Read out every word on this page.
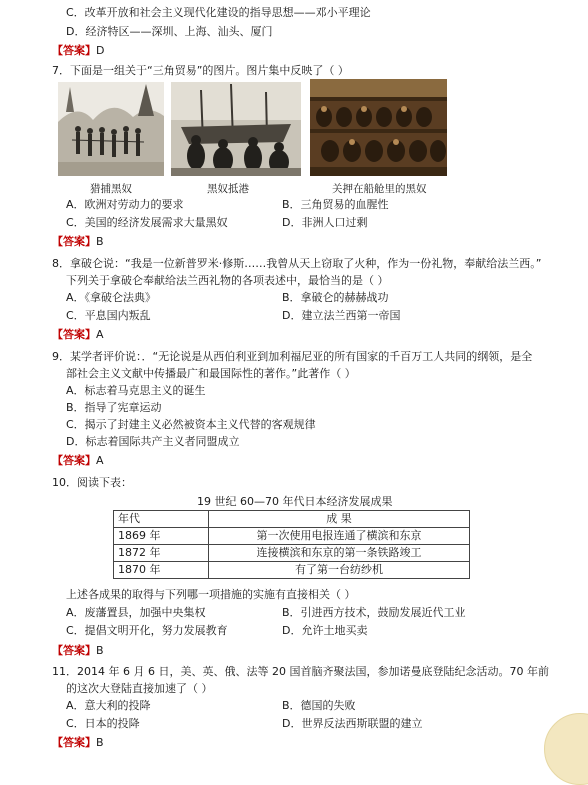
C．改革开放和社会主义现代化建设的指导思想——邓小平理论
D．经济特区——深圳、上海、汕头、厦门
【答案】D
7．下面是一组关于“三角贸易”的图片。图片集中反映了（ ）
猎捕黑奴	黑奴抵港	关押在船舱里的黑奴
A．欧洲对劳动力的要求	B．三角贸易的血腥性
C．美国的经济发展需求大量黑奴	D．非洲人口过剩
【答案】B
8．拿破仑说：“我是一位新普罗米·修斯……我曾从天上窃取了火种，作为一份礼物，奉献给法兰西。”
下列关于拿破仑奉献给法兰西礼物的各项表述中，最恰当的是（ ）
A．《拿破仑法典》	B．拿破仑的赫赫战功
C．平息国内叛乱	D．建立法兰西第一帝国
【答案】A
9．某学者评价说：．“无论说是从西伯利亚到加利福尼亚的所有国家的千百万工人共同的纲领，是全
部社会主义文献中传播最广和最国际性的著作。”此著作（ ）
A．标志着马克思主义的诞生
B．指导了宪章运动
C．揭示了封建主义必然被资本主义代替的客观规律
D．标志着国际共产主义者同盟成立
【答案】A
10．阅读下表：
19 世纪 60—70 年代日本经济发展成果
年代	成 果
1869 年	第一次使用电报连通了横滨和东京
1872 年	连接横滨和东京的第一条铁路竣工
1870 年	有了第一台纺纱机
上述各成果的取得与下列哪一项措施的实施有直接相关（ ）
A．废藩置县，加强中央集权	B．引进西方技术，鼓励发展近代工业
C．提倡文明开化，努力发展教育	D．允许土地买卖
【答案】B
11．2014 年 6 月 6 日，美、英、俄、法等 20 国首脑齐聚法国，参加诺曼底登陆纪念活动。70 年前
的这次大登陆直接加速了（ ）
A．意大利的投降	B．德国的失败
C．日本的投降	D．世界反法西斯联盟的建立
【答案】B
